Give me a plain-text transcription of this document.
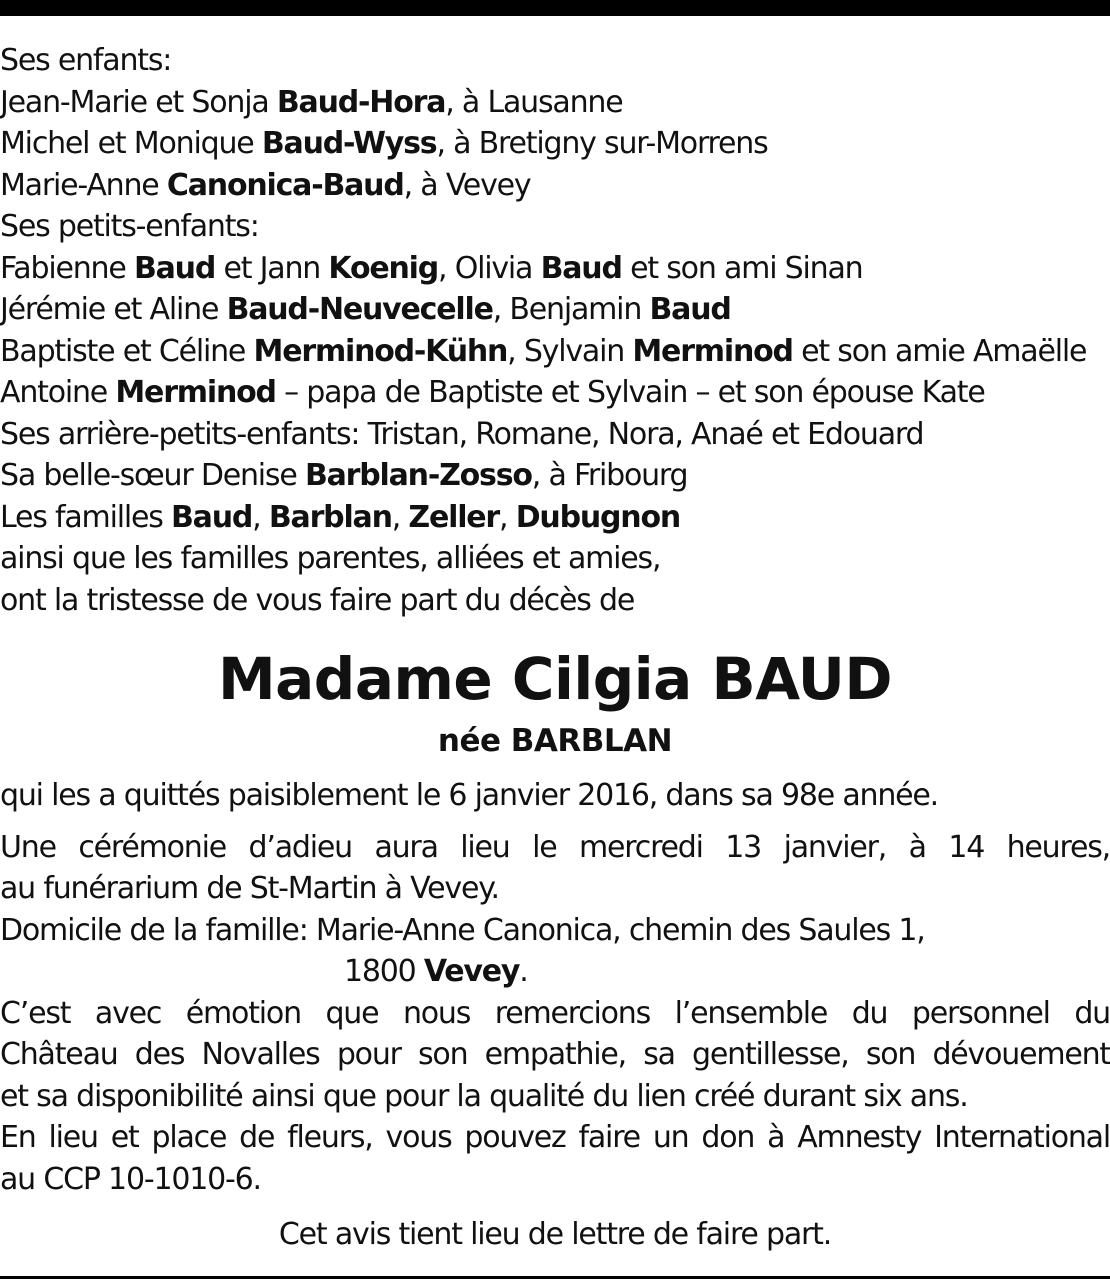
Ses enfants:
Jean-Marie et Sonja Baud-Hora, à Lausanne
Michel et Monique Baud-Wyss, à Bretigny sur-Morrens
Marie-Anne Canonica-Baud, à Vevey
Ses petits-enfants:
Fabienne Baud et Jann Koenig, Olivia Baud et son ami Sinan
Jérémie et Aline Baud-Neuvecelle, Benjamin Baud
Baptiste et Céline Merminod-Kühn, Sylvain Merminod et son amie Amaëlle
Antoine Merminod – papa de Baptiste et Sylvain – et son épouse Kate
Ses arrière-petits-enfants: Tristan, Romane, Nora, Anaé et Edouard
Sa belle-sœur Denise Barblan-Zosso, à Fribourg
Les familles Baud, Barblan, Zeller, Dubugnon
ainsi que les familles parentes, alliées et amies,
ont la tristesse de vous faire part du décès de
Madame Cilgia BAUD
née BARBLAN
qui les a quittés paisiblement le 6 janvier 2016, dans sa 98e année.
Une cérémonie d’adieu aura lieu le mercredi 13 janvier, à 14 heures,
au funérarium de St-Martin à Vevey.
Domicile de la famille: Marie-Anne Canonica, chemin des Saules 1,
1800 Vevey.
C’est avec émotion que nous remercions l’ensemble du personnel du
Château des Novalles pour son empathie, sa gentillesse, son dévouement
et sa disponibilité ainsi que pour la qualité du lien créé durant six ans.
En lieu et place de fleurs, vous pouvez faire un don à Amnesty International
au CCP 10-1010-6.
Cet avis tient lieu de lettre de faire part.
